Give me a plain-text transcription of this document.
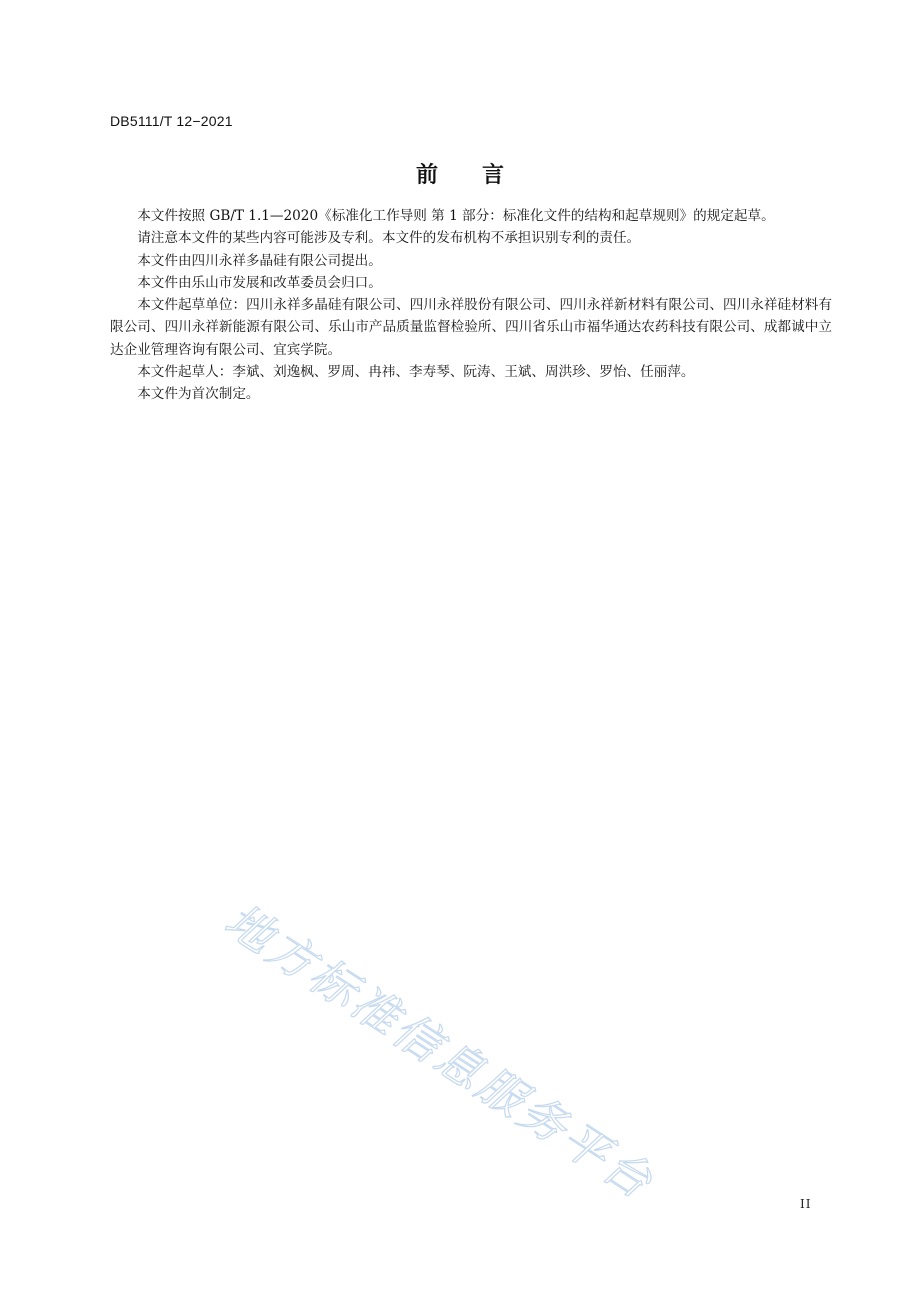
DB5111/T 12−2021
前言

本文件按照 GB/T 1.1—2020《标准化工作导则 第 1 部分：标准化文件的结构和起草规则》的规定起草。

请注意本文件的某些内容可能涉及专利。本文件的发布机构不承担识别专利的责任。

本文件由四川永祥多晶硅有限公司提出。

本文件由乐山市发展和改革委员会归口。

本文件起草单位：四川永祥多晶硅有限公司、四川永祥股份有限公司、四川永祥新材料有限公司、四川永祥硅材料有限公司、四川永祥新能源有限公司、乐山市产品质量监督检验所、四川省乐山市福华通达农药科技有限公司、成都诚中立达企业管理咨询有限公司、宜宾学院。

本文件起草人：李斌、刘逸枫、罗周、冉祎、李寿琴、阮涛、王斌、周洪珍、罗怡、任丽萍。

本文件为首次制定。

地方标准信息服务平台	II
